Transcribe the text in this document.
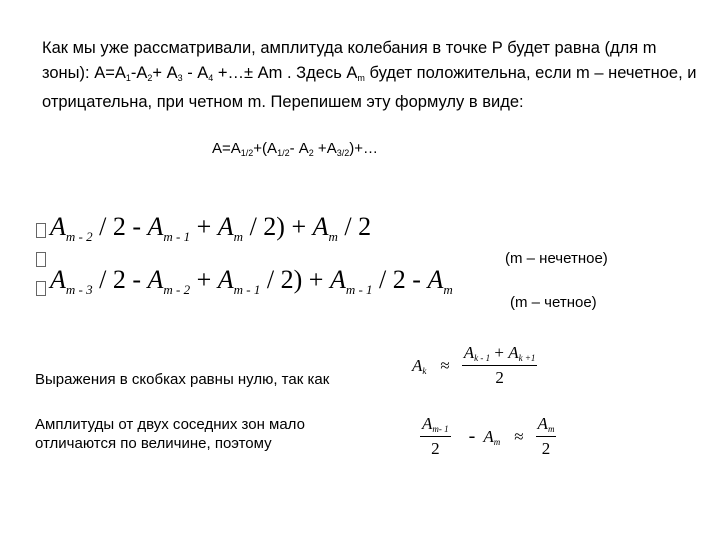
Как мы уже рассматривали, амплитуда колебания в точке Р будет равна (для m зоны): $А=А_1-А_2+ А_3 - А_4$ +…± Аm . Здесь $А_m$ будет положительна, если m – нечетное, и отрицательна, при четном m. Перепишем эту формулу в виде:
$А=А_{1/2}+(А_{1/2}-$ $А_2$ $+А_{3/2})+\dots$
$A_{m - 2} / 2 - A_{m - 1} + A_m / 2) + A_m / 2$
$A_{m - 3} / 2 - A_{m - 2} + A_{m - 1} / 2) + A_{m - 1} / 2 - A_m$
(m – нечетное)
(m – четное)
Выражения в скобках равны нулю, так как
$A_k \approx \frac{A_{k - 1} + A_{k +1}}{2}$
Амплитуды от двух соседних зон мало отличаются по величине, поэтому	$\frac{A_{m- 1}}{2} - A_m \approx \frac{A_m}{2}$
